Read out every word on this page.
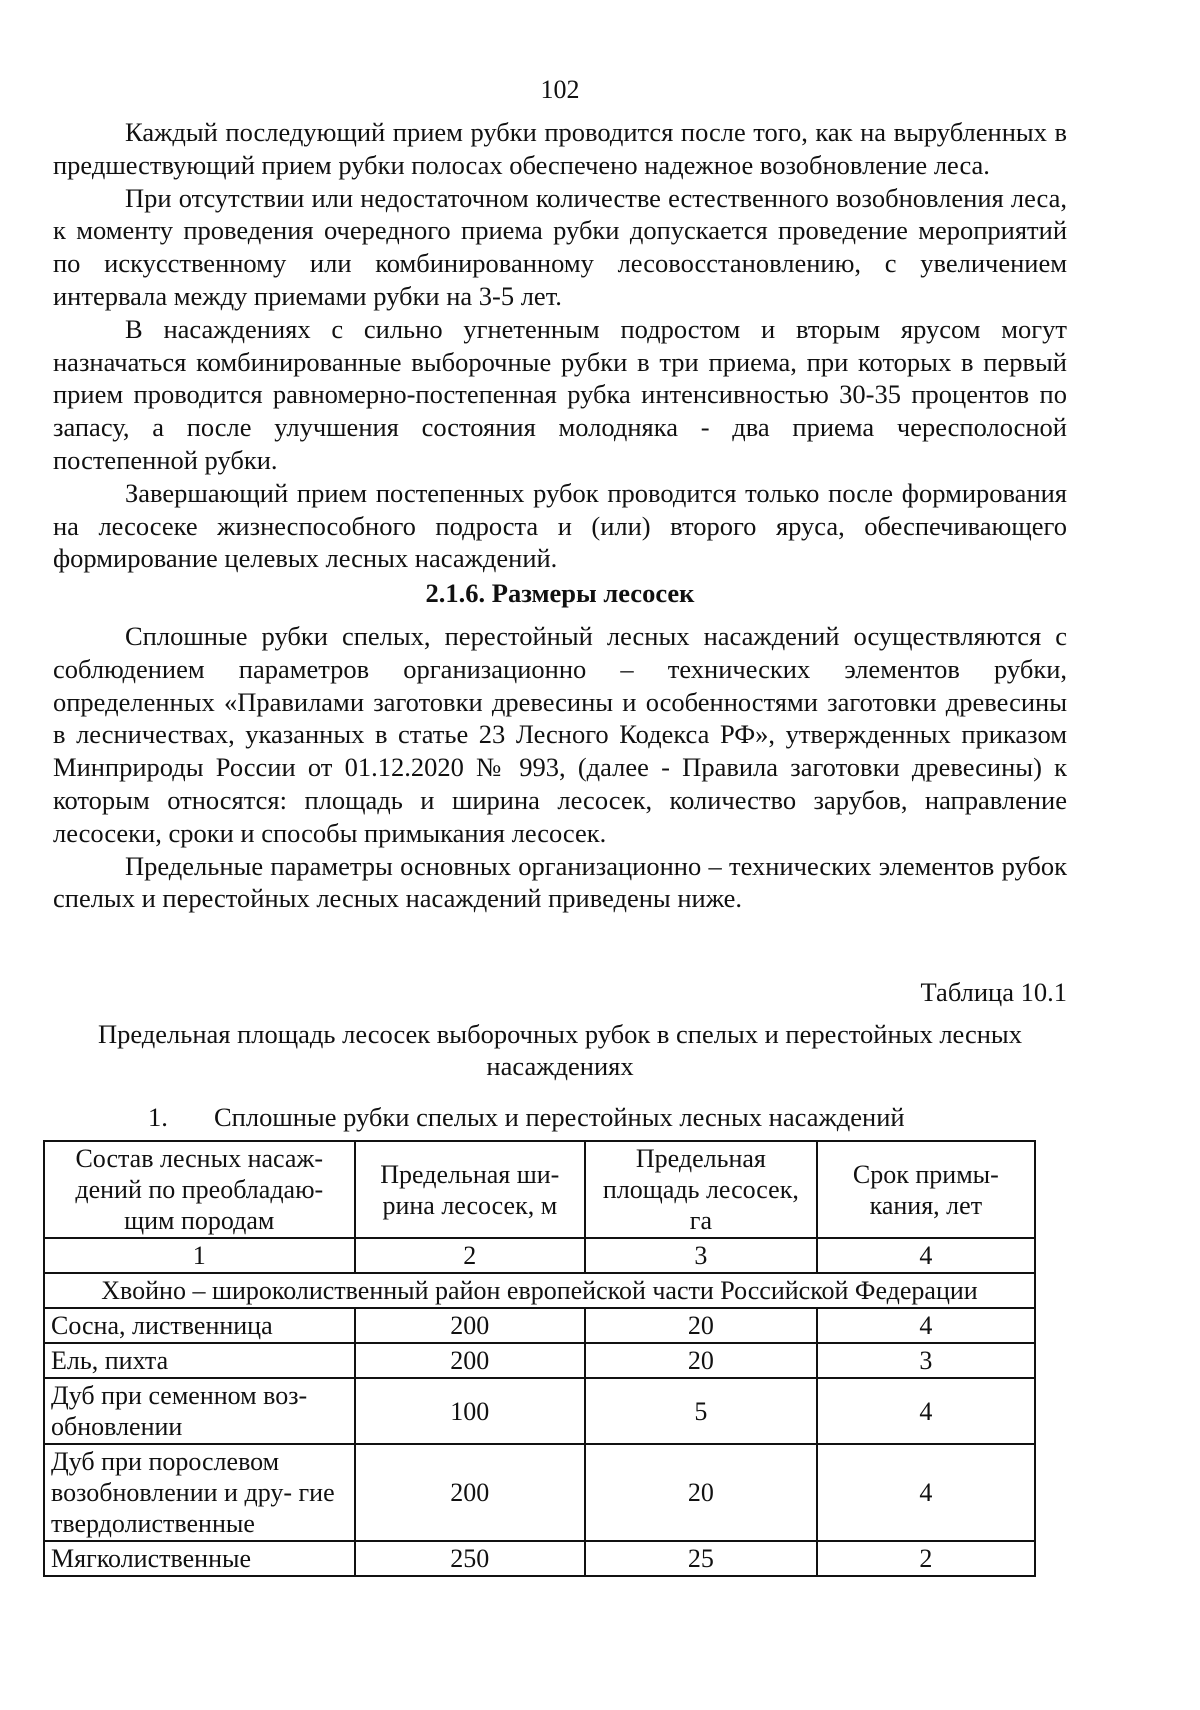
102

Каждый последующий прием рубки проводится после того, как на вырубленных в предшествующий прием рубки полосах обеспечено надежное возобновление леса.

При отсутствии или недостаточном количестве естественного возобновления леса, к моменту проведения очередного приема рубки допускается проведение мероприятий по искусственному или комбинированному лесовосстановлению, с увеличением интервала между приемами рубки на 3-5 лет.

В насаждениях с сильно угнетенным подростом и вторым ярусом могут назначаться комбинированные выборочные рубки в три приема, при которых в первый прием проводится равномерно-постепенная рубка интенсивностью 30-35 процентов по запасу, а после улучшения состояния молодняка - два приема чересполосной постепенной рубки.

Завершающий прием постепенных рубок проводится только после формирования на лесосеке жизнеспособного подроста и (или) второго яруса, обеспечивающего формирование целевых лесных насаждений.

2.1.6. Размеры лесосек

Сплошные рубки спелых, перестойный лесных насаждений осуществляются с соблюдением параметров организационно – технических элементов рубки, определенных «Правилами заготовки древесины и особенностями заготовки древесины в лесничествах, указанных в статье 23 Лесного Кодекса РФ», утвержденных приказом Минприроды России от 01.12.2020 № 993, (далее - Правила заготовки древесины) к которым относятся: площадь и ширина лесосек, количество зарубов, направление лесосеки, сроки и способы примыкания лесосек.

Предельные параметры основных организационно – технических элементов рубок спелых и перестойных лесных насаждений приведены ниже.

Таблица 10.1
Предельная площадь лесосек выборочных рубок в спелых и перестойных лесных насаждениях
1. Сплошные рубки спелых и перестойных лесных насаждений
Состав лесных насаж- дений по преобладаю- щим породам	Предельная ши- рина лесосек, м	Предельная площадь лесосек, га	Срок примы- кания, лет
1	2	3	4
Хвойно – широколиственный район европейской части Российской Федерации			
Сосна, лиственница	200	20	4
Ель, пихта	200	20	3
Дуб при семенном воз- обновлении	100	5	4
Дуб при порослевом возобновлении и дру- гие твердолиственные	200	20	4
Мягколиственные	250	25	2
